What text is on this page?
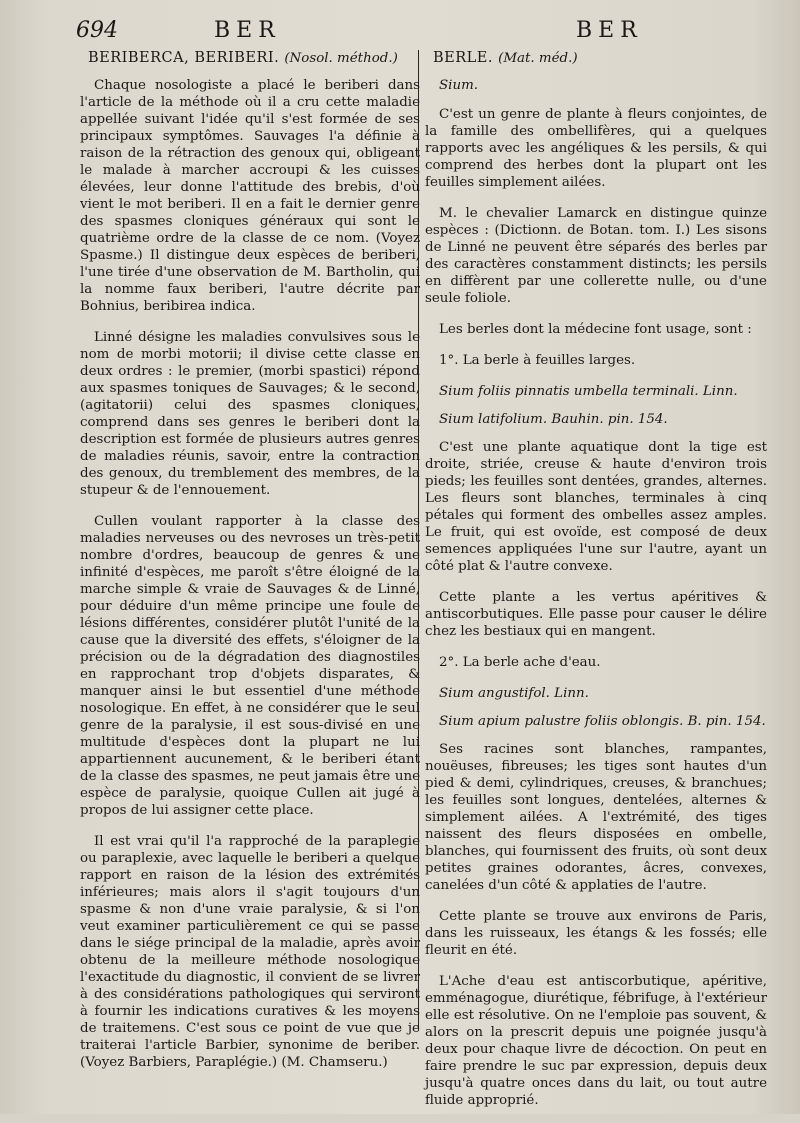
694	BER	BER
BERIBERCA, BERIBERI. (Nosol. méthod.)

Chaque nosologiste a placé le beriberi dans l'article de la méthode où il a cru cette maladie appellée suivant l'idée qu'il s'est formée de ses principaux symptômes. Sauvages l'a définie à raison de la rétraction des genoux qui, obligeant le malade à marcher accroupi & les cuisses élevées, leur donne l'attitude des brebis, d'où vient le mot beriberi. Il en a fait le dernier genre des spasmes cloniques généraux qui sont le quatrième ordre de la classe de ce nom. (Voyez Spasme.) Il distingue deux espèces de beriberi, l'une tirée d'une observation de M. Bartholin, qui la nomme faux beriberi, l'autre décrite par Bohnius, beribirea indica.

Linné désigne les maladies convulsives sous le nom de morbi motorii; il divise cette classe en deux ordres : le premier, (morbi spastici) répond aux spasmes toniques de Sauvages; & le second, (agitatorii) celui des spasmes cloniques, comprend dans ses genres le beriberi dont la description est formée de plusieurs autres genres de maladies réunis, savoir, entre la contraction des genoux, du tremblement des membres, de la stupeur & de l'ennouement.

Cullen voulant rapporter à la classe des maladies nerveuses ou des nevroses un très-petit nombre d'ordres, beaucoup de genres & une infinité d'espèces, me paroît s'être éloigné de la marche simple & vraie de Sauvages & de Linné, pour déduire d'un même principe une foule de lésions différentes, considérer plutôt l'unité de la cause que la diversité des effets, s'éloigner de la précision ou de la dégradation des diagnostiles en rapprochant trop d'objets disparates, & manquer ainsi le but essentiel d'une méthode nosologique. En effet, à ne considérer que le seul genre de la paralysie, il est sous-divisé en une multitude d'espèces dont la plupart ne lui appartiennent aucunement, & le beriberi étant de la classe des spasmes, ne peut jamais être une espèce de paralysie, quoique Cullen ait jugé à propos de lui assigner cette place.

Il est vrai qu'il l'a rapproché de la paraplegie ou paraplexie, avec laquelle le beriberi a quelque rapport en raison de la lésion des extrémités inférieures; mais alors il s'agit toujours d'un spasme & non d'une vraie paralysie, & si l'on veut examiner particulièrement ce qui se passe dans le siége principal de la maladie, après avoir obtenu de la meilleure méthode nosologique l'exactitude du diagnostic, il convient de se livrer à des considérations pathologiques qui serviront à fournir les indications curatives & les moyens de traitemens. C'est sous ce point de vue que je traiterai l'article Barbier, synonime de beriber. (Voyez Barbiers, Paraplégie.) (M. Chamseru.)

BERLE. (Mat. méd.)
Sium.

C'est un genre de plante à fleurs conjointes, de la famille des ombellifères, qui a quelques rapports avec les angéliques & les persils, & qui comprend des herbes dont la plupart ont les feuilles simplement ailées.

M. le chevalier Lamarck en distingue quinze espèces : (Dictionn. de Botan. tom. I.) Les sisons de Linné ne peuvent être séparés des berles par des caractères constamment distincts; les persils en diffèrent par une collerette nulle, ou d'une seule foliole.

Les berles dont la médecine font usage, sont :

1°. La berle à feuilles larges.

Sium foliis pinnatis umbella terminali. Linn.
Sium latifolium. Bauhin. pin. 154.

C'est une plante aquatique dont la tige est droite, striée, creuse & haute d'environ trois pieds; les feuilles sont dentées, grandes, alternes. Les fleurs sont blanches, terminales à cinq pétales qui forment des ombelles assez amples. Le fruit, qui est ovoïde, est composé de deux semences appliquées l'une sur l'autre, ayant un côté plat & l'autre convexe.

Cette plante a les vertus apéritives & antiscorbutiques. Elle passe pour causer le délire chez les bestiaux qui en mangent.

2°. La berle ache d'eau.

Sium angustifol. Linn.
Sium apium palustre foliis oblongis. B. pin. 154.

Ses racines sont blanches, rampantes, nouëuses, fibreuses; les tiges sont hautes d'un pied & demi, cylindriques, creuses, & branchues; les feuilles sont longues, dentelées, alternes & simplement ailées. A l'extrémité, des tiges naissent des fleurs disposées en ombelle, blanches, qui fournissent des fruits, où sont deux petites graines odorantes, âcres, convexes, canelées d'un côté & applaties de l'autre.

Cette plante se trouve aux environs de Paris, dans les ruisseaux, les étangs & les fossés; elle fleurit en été.

L'Ache d'eau est antiscorbutique, apéritive, emménagogue, diurétique, fébrifuge, à l'extérieur elle est résolutive. On ne l'emploie pas souvent, & alors on la prescrit depuis une poignée jusqu'à deux pour chaque livre de décoction. On peut en faire prendre le suc par expression, depuis deux jusqu'à quatre onces dans du lait, ou tout autre fluide approprié.
